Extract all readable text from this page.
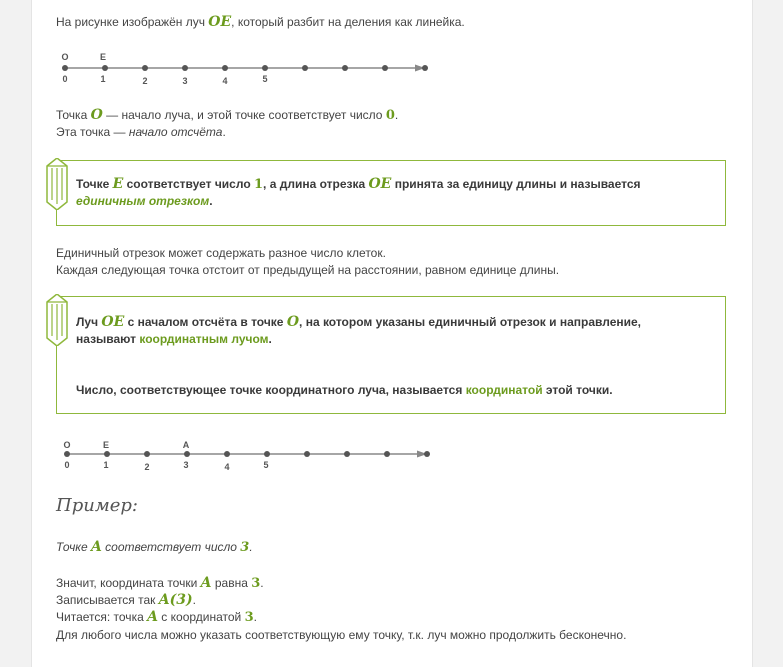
На рисунке изображён луч OE, который разбит на деления как линейка.

O	E
0	1	2	3	4	5

Точка O — начало луча, и этой точке соответствует число 0.

Эта точка — начало отсчёта.

Точке E соответствует число 1, а длина отрезка OE принята за единицу длины и называется

единичным отрезком.

Единичный отрезок может содержать разное число клеток.

Каждая следующая точка отстоит от предыдущей на расстоянии, равном единице длины.

Луч OE с началом отсчёта в точке O, на котором указаны единичный отрезок и направление,

называют координатным лучом.

Число, соответствующее точке координатного луча, называется координатой этой точки.

O	E	A
0	1	2	3	4	5
Пример:

Точке A соответствует число 3.

Значит, координата точки A равна 3.

Записывается так A(3).

Читается: точка A с координатой 3.

Для любого числа можно указать соответствующую ему точку, т.к. луч можно продолжить бесконечно.
